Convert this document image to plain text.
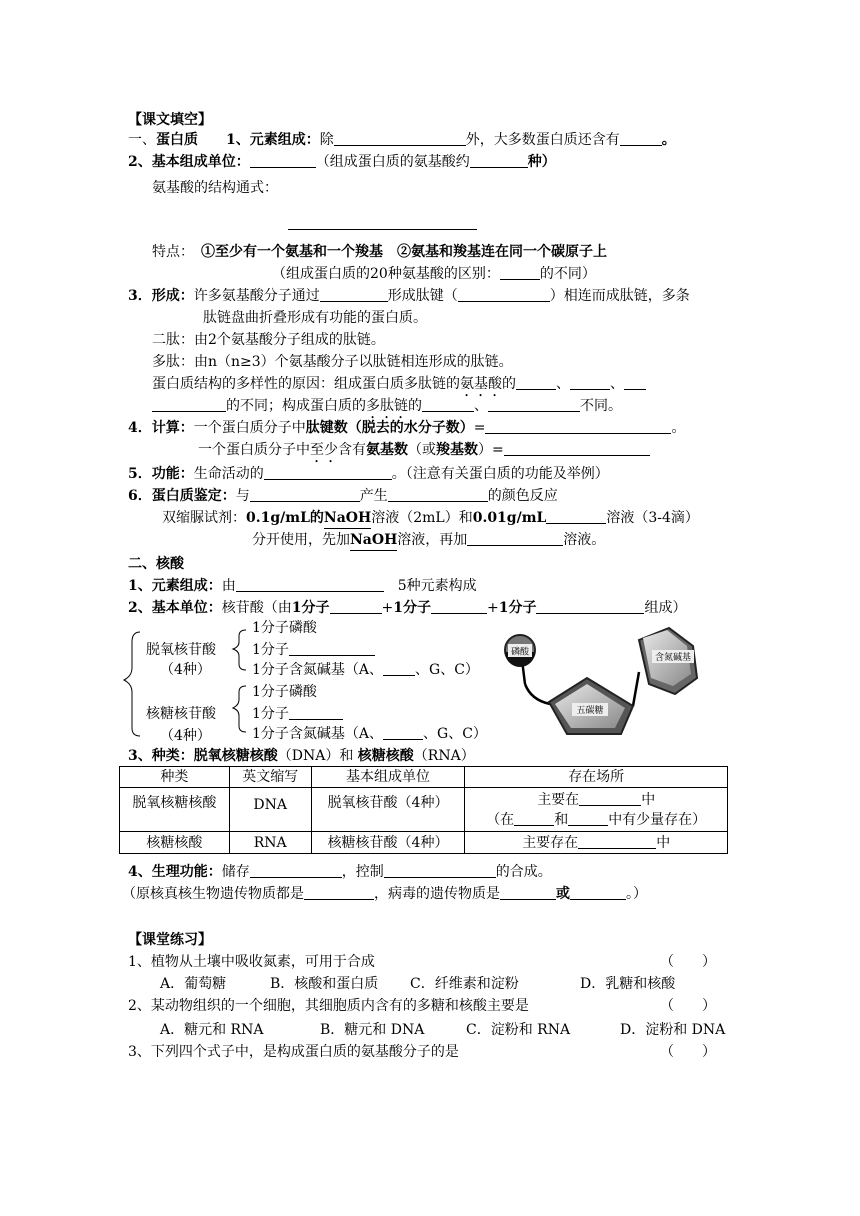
【课文填空】
一、蛋白质　　 1、元素组成：除	外，大多数蛋白质还含有	。
2、基本组成单位：	（组成蛋白质的氨基酸约	种）
氨基酸的结构通式：
特点：　 ①至少有一个氨基和一个羧基　 ②氨基和羧基连在同一个碳原子上
（组成蛋白质的20种氨基酸的区别：	的不同）
3．形成：许多氨基酸分子通过	形成肽键（	）相连而成肽链，多条
肽链盘曲折叠形成有功能的蛋白质。
二肽：由2个氨基酸分子组成的肽链。
多肽：由n（n≥3）个氨基酸分子以肽链相连形成的肽链。
蛋白质结构的多样性的原因：组成蛋白质多肽链的氨基酸的	、	、
的不同；构成蛋白质的多肽链的	、	不同。
4．计算：一个蛋白质分子中肽键数（脱去的水分子数）=	。
一个蛋白质分子中至少含有氨基数（或羧基数）=
5．功能：生命活动的	。（注意有关蛋白质的功能及举例）
6．蛋白质鉴定：与	产生	的颜色反应
双缩脲试剂：0.1g/mL的NaOH溶液（2mL）和0.01g/mL	溶液（3-4滴）
分开使用，先加NaOH溶液，再加	溶液。
二、核酸
1、元素组成：由　	5种元素构成
2、基本单位：核苷酸（由1分子	+1分子	+1分子	组成）
脱氧核苷酸
（4种）
1分子磷酸
1分子
1分子含氮碱基（A、 、G、C）
核糖核苷酸
（4种）
1分子磷酸
1分子
1分子含氮碱基（A、	、G、C）
磷酸
含氮碱基
五碳糖
3、种类：脱氧核糖核酸（DNA）和 核糖核酸（RNA）
种类	英文缩写	基本组成单位	存在场所

脱氧核糖核酸	DNA	脱氧核苷酸（4种）	主要在 中
（在 和 中有少量存在）

核糖核酸	RNA	核糖核苷酸（4种）	主要存在 中
4、生理功能：储存	，控制	的合成。
（原核真核生物遗传物质都是	，病毒的遗传物质是	或	。）
【课堂练习】
1、植物从土壤中吸收氮素，可用于合成	（　　）
A．葡萄糖	B．核酸和蛋白质 C．纤维素和淀粉	D．乳糖和核酸
2、某动物组织的一个细胞，其细胞质内含有的多糖和核酸主要是	（　　）
A．糖元和 RNA	B．糖元和 DNA	C．淀粉和 RNA	D．淀粉和 DNA
3、下列四个式子中，是构成蛋白质的氨基酸分子的是	（　　）
